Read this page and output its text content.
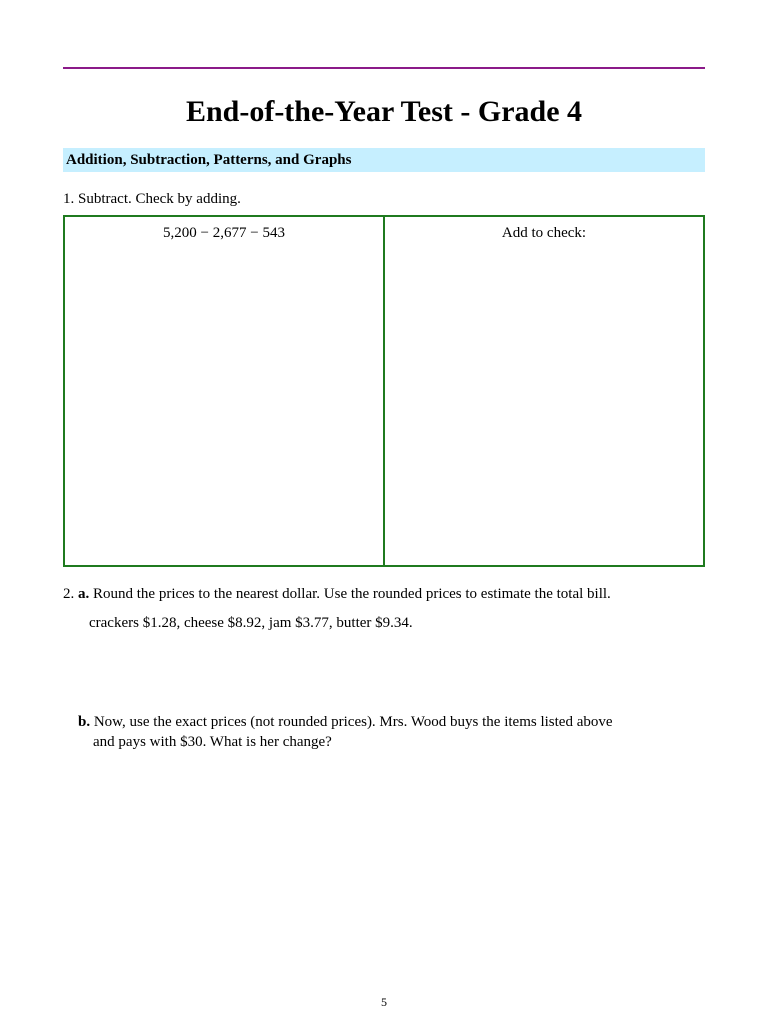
End-of-the-Year Test - Grade 4
Addition, Subtraction, Patterns, and Graphs
1. Subtract. Check by adding.
5,200 − 2,677 − 543	Add to check:
2. a. Round the prices to the nearest dollar. Use the rounded prices to estimate the total bill.
crackers $1.28, cheese $8.92, jam $3.77, butter $9.34.
b. Now, use the exact prices (not rounded prices). Mrs. Wood buys the items listed above
and pays with $30. What is her change?
5
